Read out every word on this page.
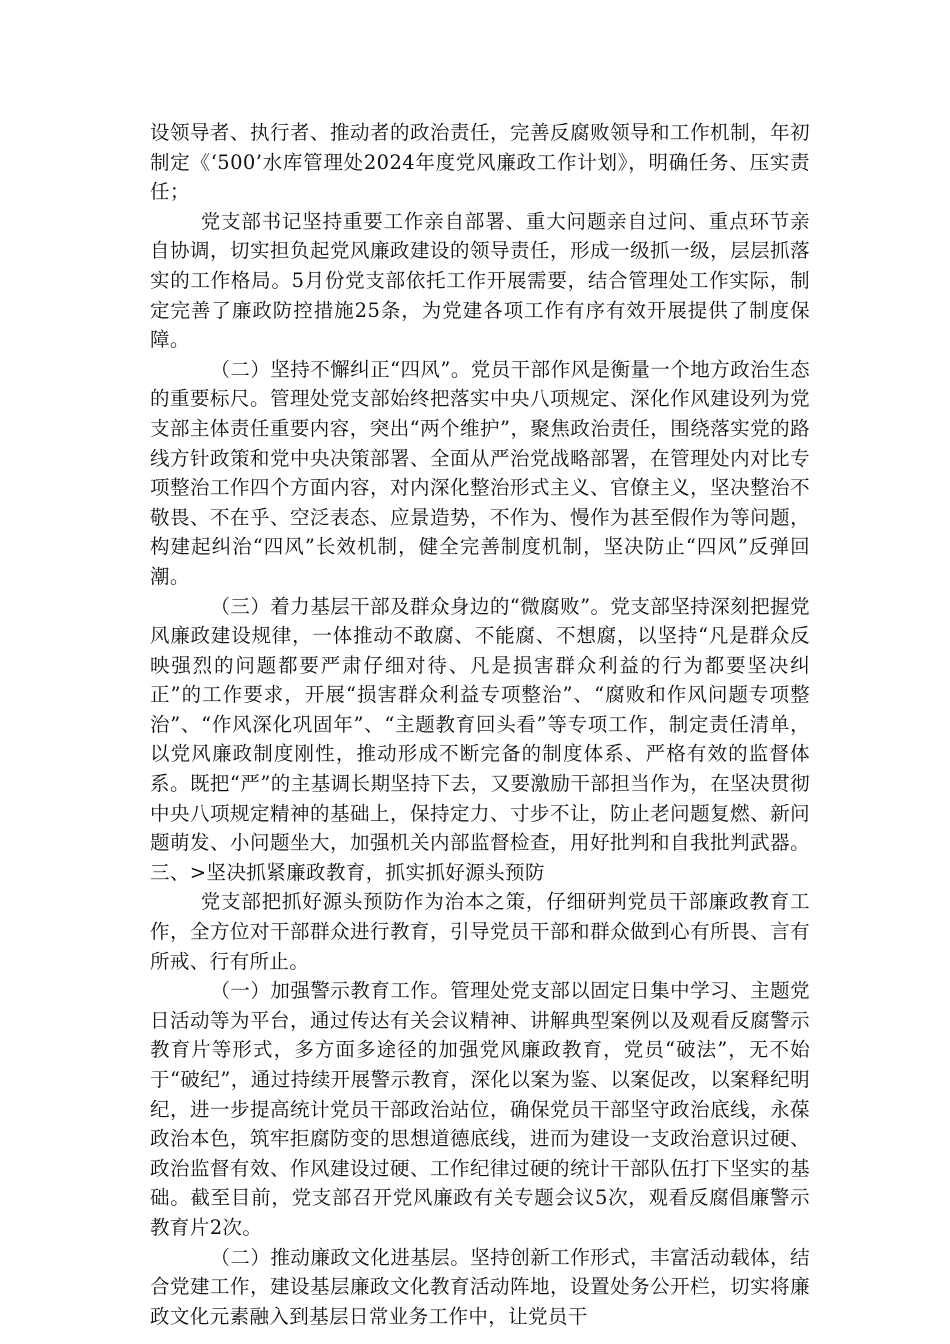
设领导者、执行者、推动者的政治责任，完善反腐败领导和工作机制，年初制定《‘500’水库管理处2024年度党风廉政工作计划》，明确任务、压实责任；

党支部书记坚持重要工作亲自部署、重大问题亲自过问、重点环节亲自协调，切实担负起党风廉政建设的领导责任，形成一级抓一级，层层抓落实的工作格局。5月份党支部依托工作开展需要，结合管理处工作实际，制定完善了廉政防控措施25条，为党建各项工作有序有效开展提供了制度保障。

（二）坚持不懈纠正“四风”。党员干部作风是衡量一个地方政治生态的重要标尺。管理处党支部始终把落实中央八项规定、深化作风建设列为党支部主体责任重要内容，突出“两个维护”，聚焦政治责任，围绕落实党的路线方针政策和党中央决策部署、全面从严治党战略部署，在管理处内对比专项整治工作四个方面内容，对内深化整治形式主义、官僚主义，坚决整治不敬畏、不在乎、空泛表态、应景造势，不作为、慢作为甚至假作为等问题，构建起纠治“四风”长效机制，健全完善制度机制，坚决防止“四风”反弹回潮。

（三）着力基层干部及群众身边的“微腐败”。党支部坚持深刻把握党风廉政建设规律，一体推动不敢腐、不能腐、不想腐，以坚持“凡是群众反映强烈的问题都要严肃仔细对待、凡是损害群众利益的行为都要坚决纠正”的工作要求，开展“损害群众利益专项整治”、“腐败和作风问题专项整治”、“作风深化巩固年”、“主题教育回头看”等专项工作，制定责任清单，以党风廉政制度刚性，推动形成不断完备的制度体系、严格有效的监督体系。既把“严”的主基调长期坚持下去，又要激励干部担当作为，在坚决贯彻中央八项规定精神的基础上，保持定力、寸步不让，防止老问题复燃、新问题萌发、小问题坐大，加强机关内部监督检查，用好批判和自我批判武器。三、>坚决抓紧廉政教育，抓实抓好源头预防

党支部把抓好源头预防作为治本之策，仔细研判党员干部廉政教育工作，全方位对干部群众进行教育，引导党员干部和群众做到心有所畏、言有所戒、行有所止。

（一）加强警示教育工作。管理处党支部以固定日集中学习、主题党日活动等为平台，通过传达有关会议精神、讲解典型案例以及观看反腐警示教育片等形式，多方面多途径的加强党风廉政教育，党员“破法”，无不始于“破纪”，通过持续开展警示教育，深化以案为鉴、以案促改，以案释纪明纪，进一步提高统计党员干部政治站位，确保党员干部坚守政治底线，永葆政治本色，筑牢拒腐防变的思想道德底线，进而为建设一支政治意识过硬、政治监督有效、作风建设过硬、工作纪律过硬的统计干部队伍打下坚实的基础。截至目前，党支部召开党风廉政有关专题会议5次，观看反腐倡廉警示教育片2次。

（二）推动廉政文化进基层。坚持创新工作形式，丰富活动载体，结合党建工作，建设基层廉政文化教育活动阵地，设置处务公开栏，切实将廉政文化元素融入到基层日常业务工作中，让党员干
